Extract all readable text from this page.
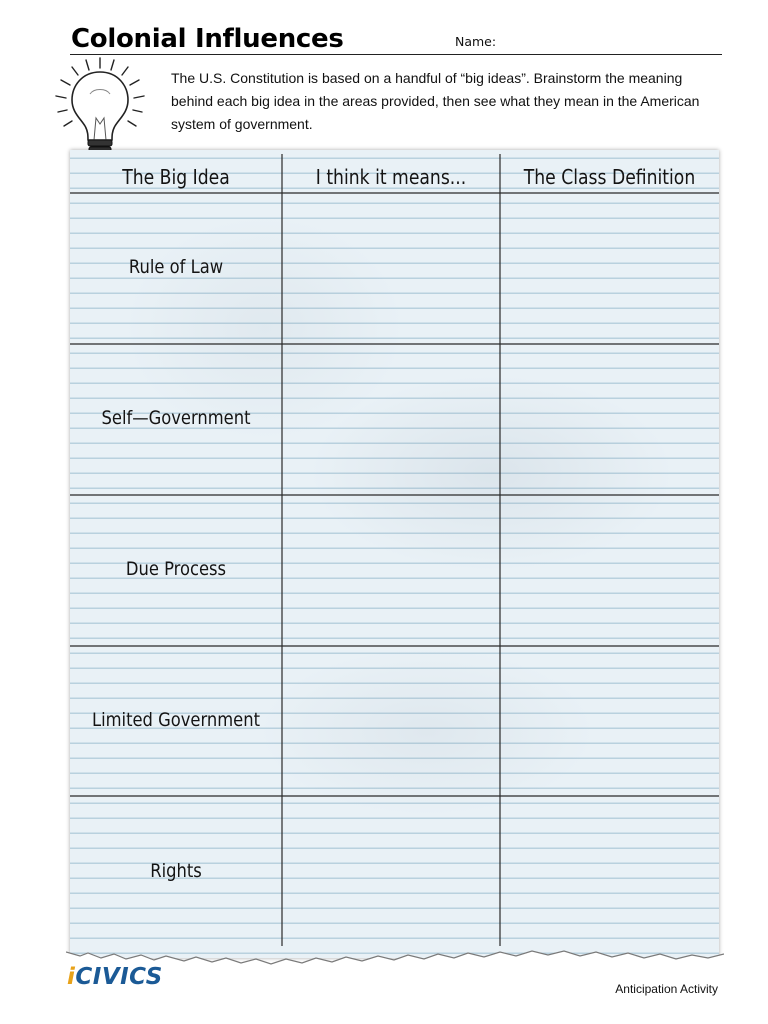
Colonial Influences	Name:

The U.S. Constitution is based on a handful of “big ideas”. Brainstorm the meaning behind each big idea in the areas provided, then see what they mean in the American system of government.

The Big Idea	I think it means...	The Class Definition
Rule of Law
Self—Government
Due Process
Limited Government
Rights
iCIVICS	Anticipation Activity
